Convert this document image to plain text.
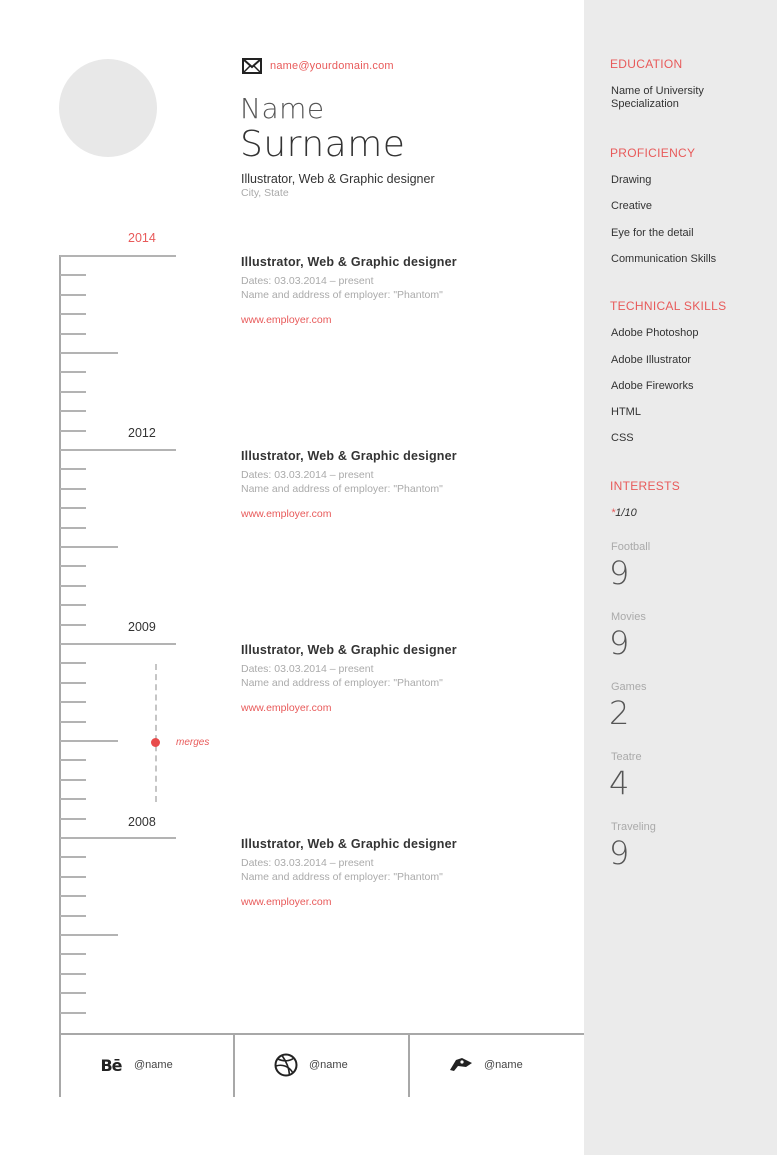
name@yourdomain.com
Name
Surname
Illustrator, Web & Graphic designer
City, State
2014
2012
2009
2008
merges
Illustrator, Web & Graphic designer
Dates: 03.03.2014 – present
Name and address of employer: "Phantom"
www.employer.com
Illustrator, Web & Graphic designer
Dates: 03.03.2014 – present
Name and address of employer: "Phantom"
www.employer.com
Illustrator, Web & Graphic designer
Dates: 03.03.2014 – present
Name and address of employer: "Phantom"
www.employer.com
Illustrator, Web & Graphic designer
Dates: 03.03.2014 – present
Name and address of employer: "Phantom"
www.employer.com
Bē @name	@name	@name
EDUCATION
Name of University
Specialization
PROFICIENCY
Drawing
Creative
Eye for the detail
Communication Skills
TECHNICAL SKILLS
Adobe Photoshop
Adobe Illustrator
Adobe Fireworks
HTML
CSS
INTERESTS
*1/10
Football
9
Movies
9
Games
2
Teatre
4
Traveling
9
